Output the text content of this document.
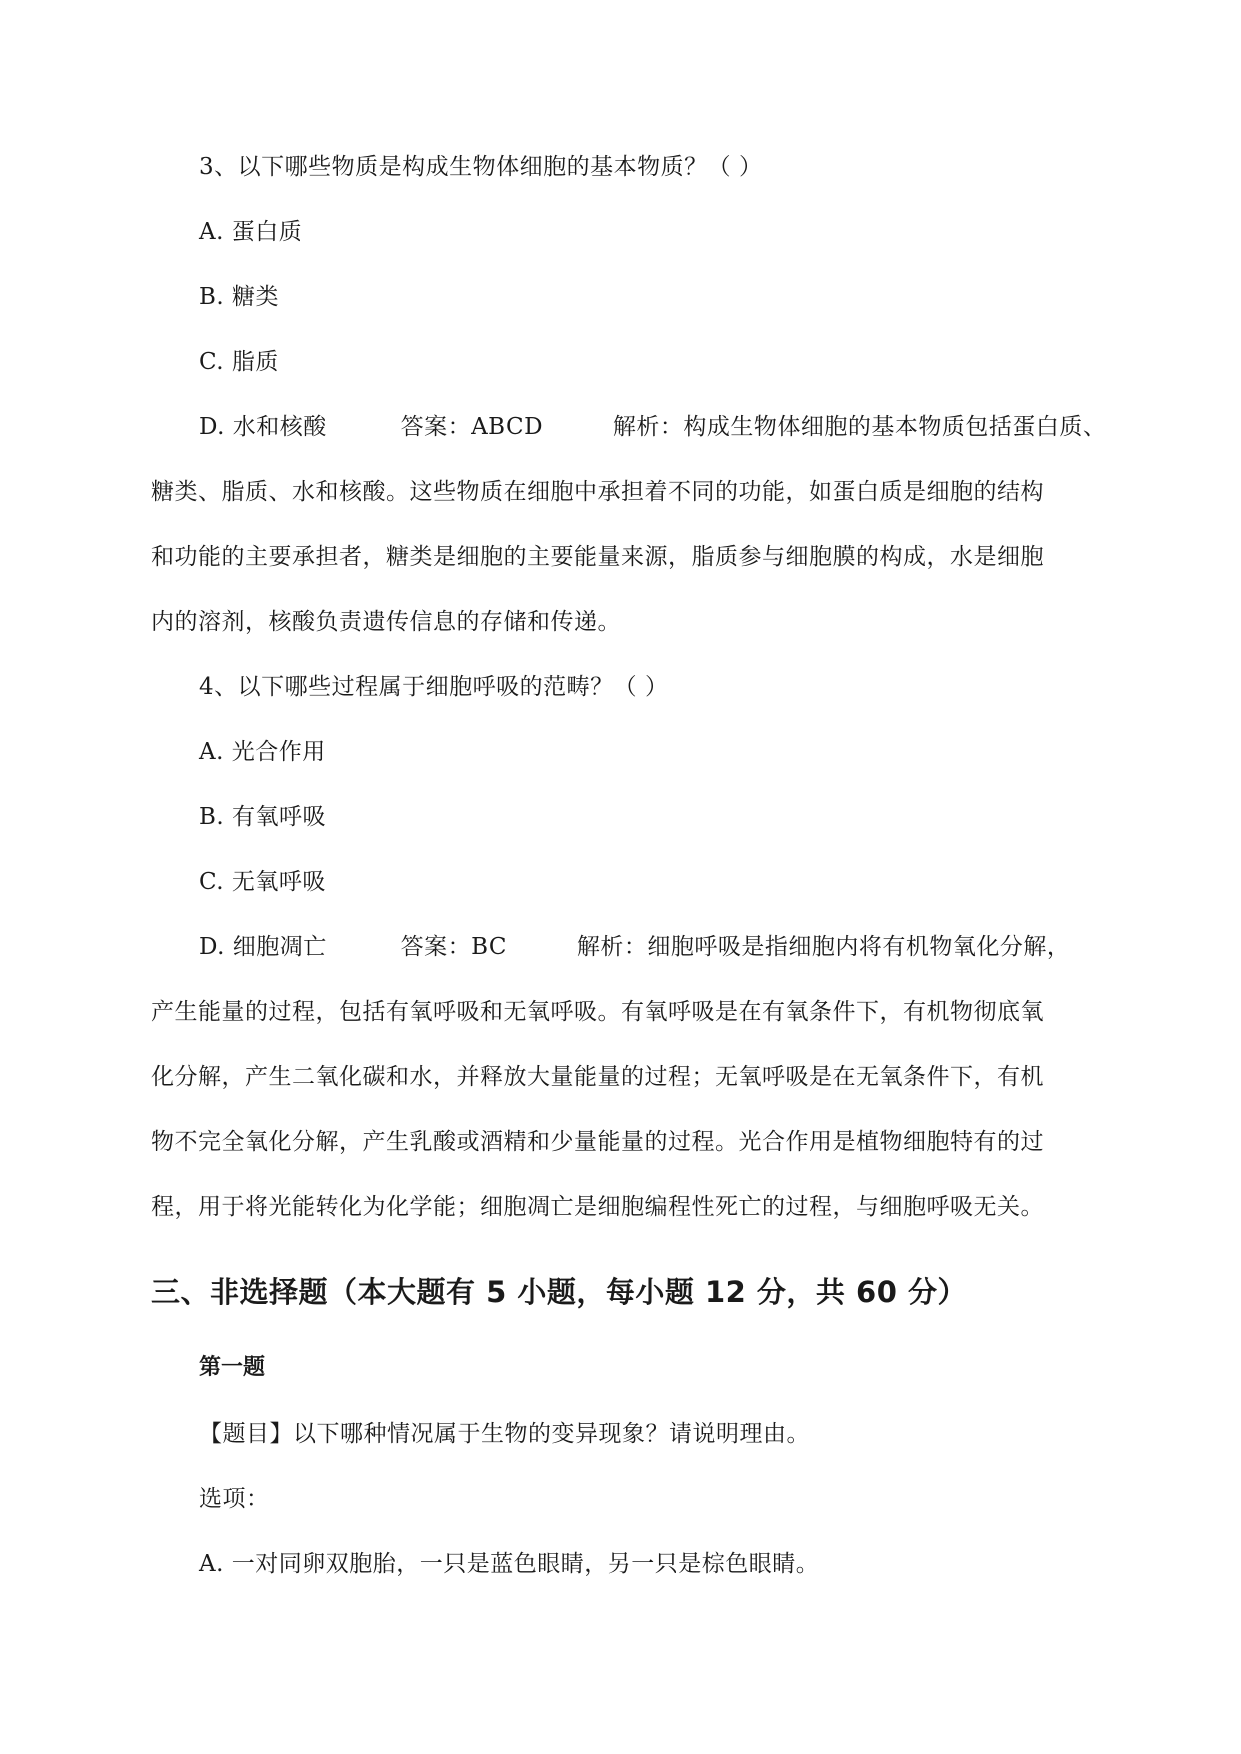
3、以下哪些物质是构成生物体细胞的基本物质？（ ）
A. 蛋白质
B. 糖类
C. 脂质
D. 水和核酸	答案：ABCD	解析：构成生物体细胞的基本物质包括蛋白质、
糖类、脂质、水和核酸。这些物质在细胞中承担着不同的功能，如蛋白质是细胞的结构
和功能的主要承担者，糖类是细胞的主要能量来源，脂质参与细胞膜的构成，水是细胞
内的溶剂，核酸负责遗传信息的存储和传递。
4、以下哪些过程属于细胞呼吸的范畴？（ ）
A. 光合作用
B. 有氧呼吸
C. 无氧呼吸
D. 细胞凋亡	答案：BC	解析：细胞呼吸是指细胞内将有机物氧化分解，
产生能量的过程，包括有氧呼吸和无氧呼吸。有氧呼吸是在有氧条件下，有机物彻底氧
化分解，产生二氧化碳和水，并释放大量能量的过程；无氧呼吸是在无氧条件下，有机
物不完全氧化分解，产生乳酸或酒精和少量能量的过程。光合作用是植物细胞特有的过
程，用于将光能转化为化学能；细胞凋亡是细胞编程性死亡的过程，与细胞呼吸无关。
三、非选择题（本大题有 5 小题，每小题 12 分，共 60 分）
第一题
【题目】以下哪种情况属于生物的变异现象？请说明理由。
选项：
A. 一对同卵双胞胎，一只是蓝色眼睛，另一只是棕色眼睛。
